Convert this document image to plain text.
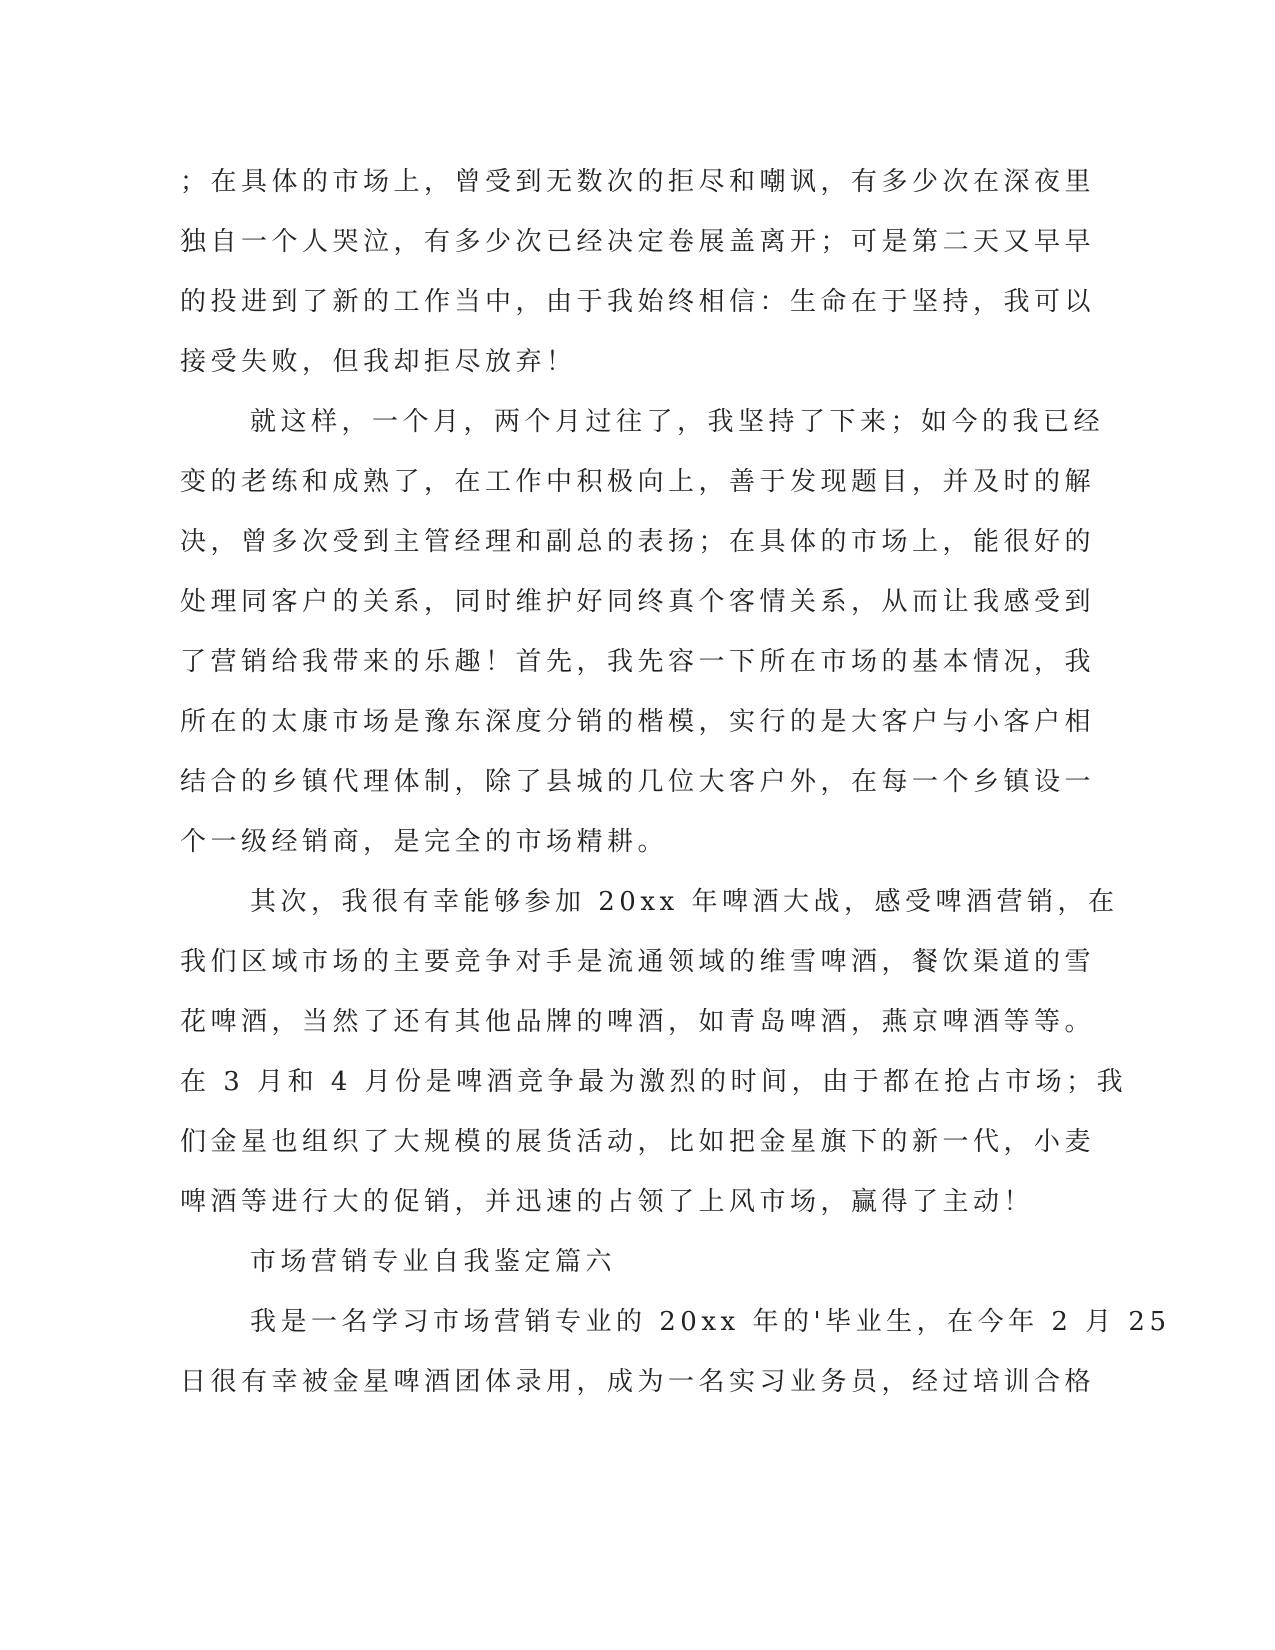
；在具体的市场上，曾受到无数次的拒尽和嘲讽，有多少次在深夜里
独自一个人哭泣，有多少次已经决定卷展盖离开；可是第二天又早早
的投进到了新的工作当中，由于我始终相信：生命在于坚持，我可以
接受失败，但我却拒尽放弃！
就这样，一个月，两个月过往了，我坚持了下来；如今的我已经
变的老练和成熟了，在工作中积极向上，善于发现题目，并及时的解
决，曾多次受到主管经理和副总的表扬；在具体的市场上，能很好的
处理同客户的关系，同时维护好同终真个客情关系，从而让我感受到
了营销给我带来的乐趣！首先，我先容一下所在市场的基本情况，我
所在的太康市场是豫东深度分销的楷模，实行的是大客户与小客户相
结合的乡镇代理体制，除了县城的几位大客户外，在每一个乡镇设一
个一级经销商，是完全的市场精耕。
其次，我很有幸能够参加 20xx 年啤酒大战，感受啤酒营销，在
我们区域市场的主要竞争对手是流通领域的维雪啤酒，餐饮渠道的雪
花啤酒，当然了还有其他品牌的啤酒，如青岛啤酒，燕京啤酒等等。
在 3 月和 4 月份是啤酒竞争最为激烈的时间，由于都在抢占市场；我
们金星也组织了大规模的展货活动，比如把金星旗下的新一代，小麦
啤酒等进行大的促销，并迅速的占领了上风市场，赢得了主动！
市场营销专业自我鉴定篇六
我是一名学习市场营销专业的 20xx 年的'毕业生，在今年 2 月 25
日很有幸被金星啤酒团体录用，成为一名实习业务员，经过培训合格
